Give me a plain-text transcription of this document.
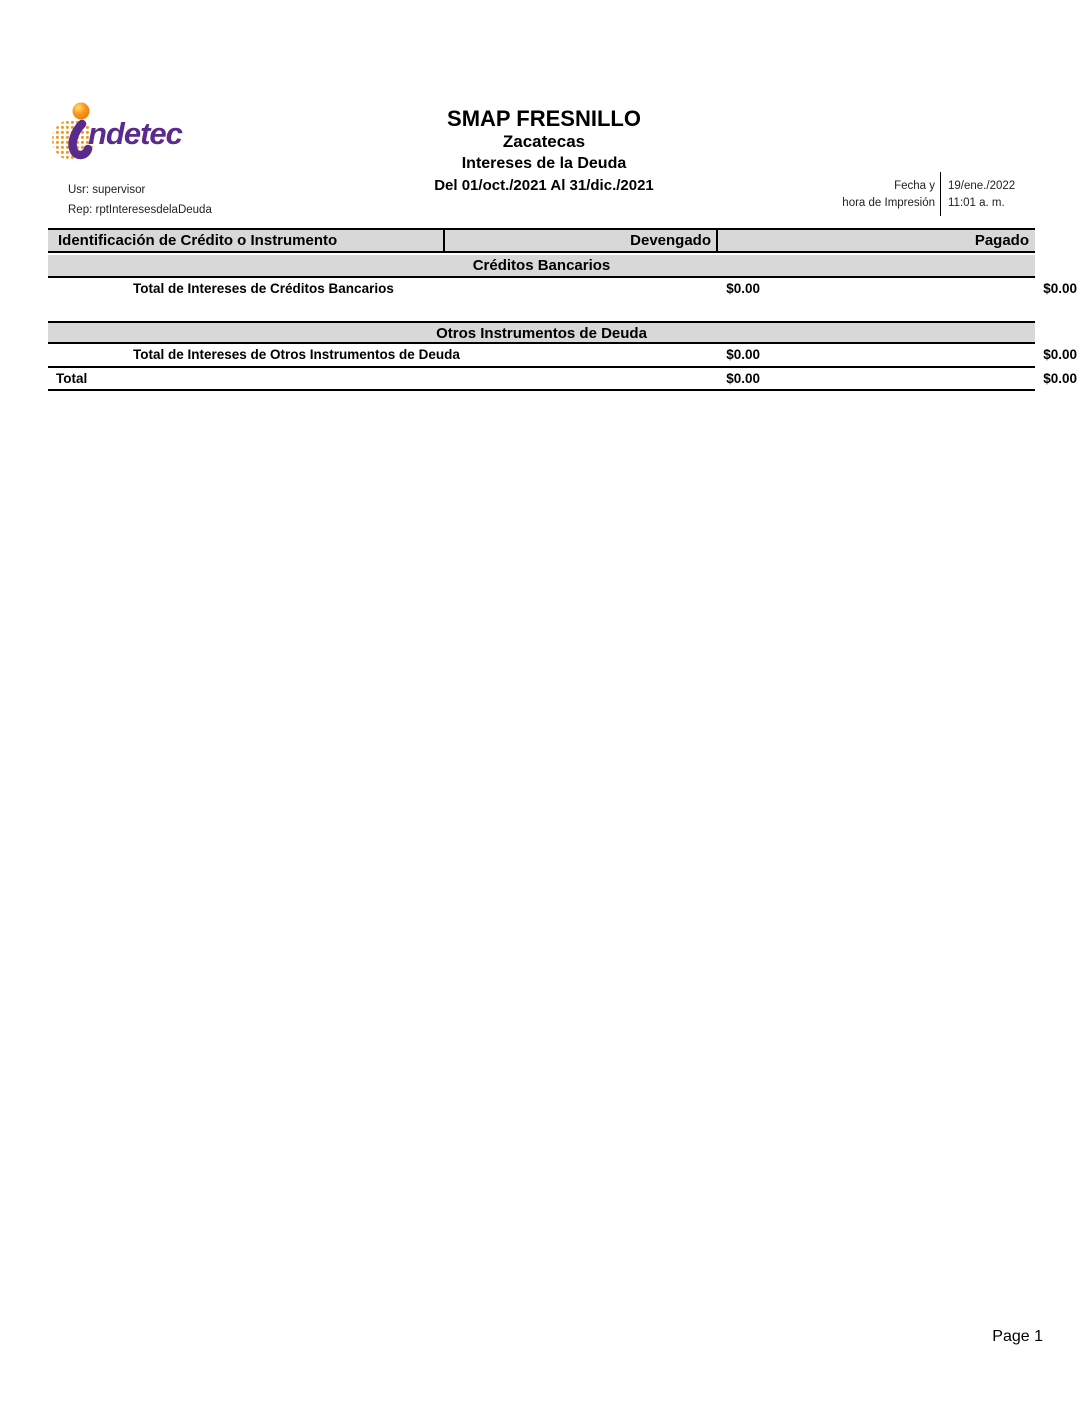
ndetec	SMAP FRESNILLO
Zacatecas
Intereses de la Deuda
Del 01/oct./2021 Al 31/dic./2021
Usr: supervisor
Rep: rptInteresesdelaDeuda
Fecha y
hora de Impresión
19/ene./2022
11:01 a. m.
Identificación de Crédito o Instrumento	Devengado	Pagado
Créditos Bancarios
Total de Intereses de Créditos Bancarios	$0.00	$0.00
Otros Instrumentos de Deuda
Total de Intereses de Otros Instrumentos de Deuda	$0.00	$0.00
Total	$0.00	$0.00
Page 1
